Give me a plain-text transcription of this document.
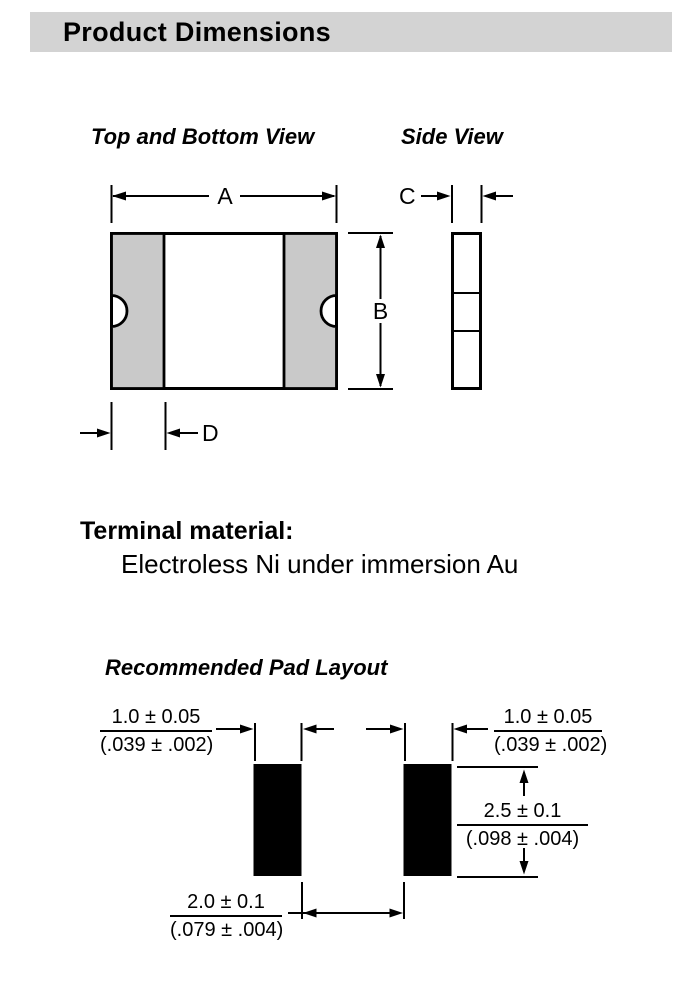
Product Dimensions
Top and Bottom View	Side View
A
B
D
C
Terminal material:
Electroless Ni under immersion Au
Recommended Pad Layout
$\frac{1.0 \pm 0.05}{(.039 \pm .002)}$	$\frac{1.0 \pm 0.05}{(.039 \pm .002)}$
$\frac{2.5 \pm 0.1}{(.098 \pm .004)}$
$\frac{2.0 \pm 0.1}{(.079 \pm .004)}$
